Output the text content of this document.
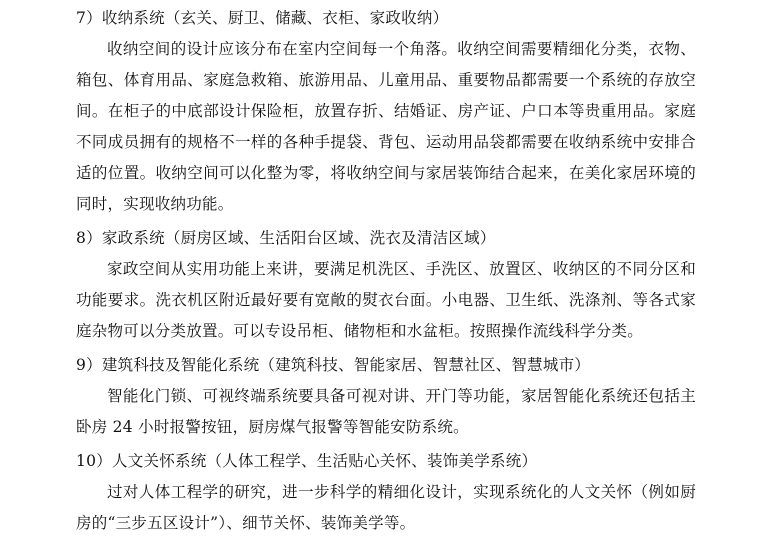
7）收纳系统（玄关、厨卫、储藏、衣柜、家政收纳）

收纳空间的设计应该分布在室内空间每一个角落。收纳空间需要精细化分类，衣物、箱包、体育用品、家庭急救箱、旅游用品、儿童用品、重要物品都需要一个系统的存放空间。在柜子的中底部设计保险柜，放置存折、结婚证、房产证、户口本等贵重用品。家庭不同成员拥有的规格不一样的各种手提袋、背包、运动用品袋都需要在收纳系统中安排合适的位置。收纳空间可以化整为零，将收纳空间与家居装饰结合起来，在美化家居环境的同时，实现收纳功能。

8）家政系统（厨房区域、生活阳台区域、洗衣及清洁区域）

家政空间从实用功能上来讲，要满足机洗区、手洗区、放置区、收纳区的不同分区和功能要求。洗衣机区附近最好要有宽敞的熨衣台面。小电器、卫生纸、洗涤剂、等各式家庭杂物可以分类放置。可以专设吊柜、储物柜和水盆柜。按照操作流线科学分类。

9）建筑科技及智能化系统（建筑科技、智能家居、智慧社区、智慧城市）

智能化门锁、可视终端系统要具备可视对讲、开门等功能，家居智能化系统还包括主卧房 24 小时报警按钮，厨房煤气报警等智能安防系统。

10）人文关怀系统（人体工程学、生活贴心关怀、装饰美学系统）

过对人体工程学的研究，进一步科学的精细化设计，实现系统化的人文关怀（例如厨房的“三步五区设计”）、细节关怀、装饰美学等。
